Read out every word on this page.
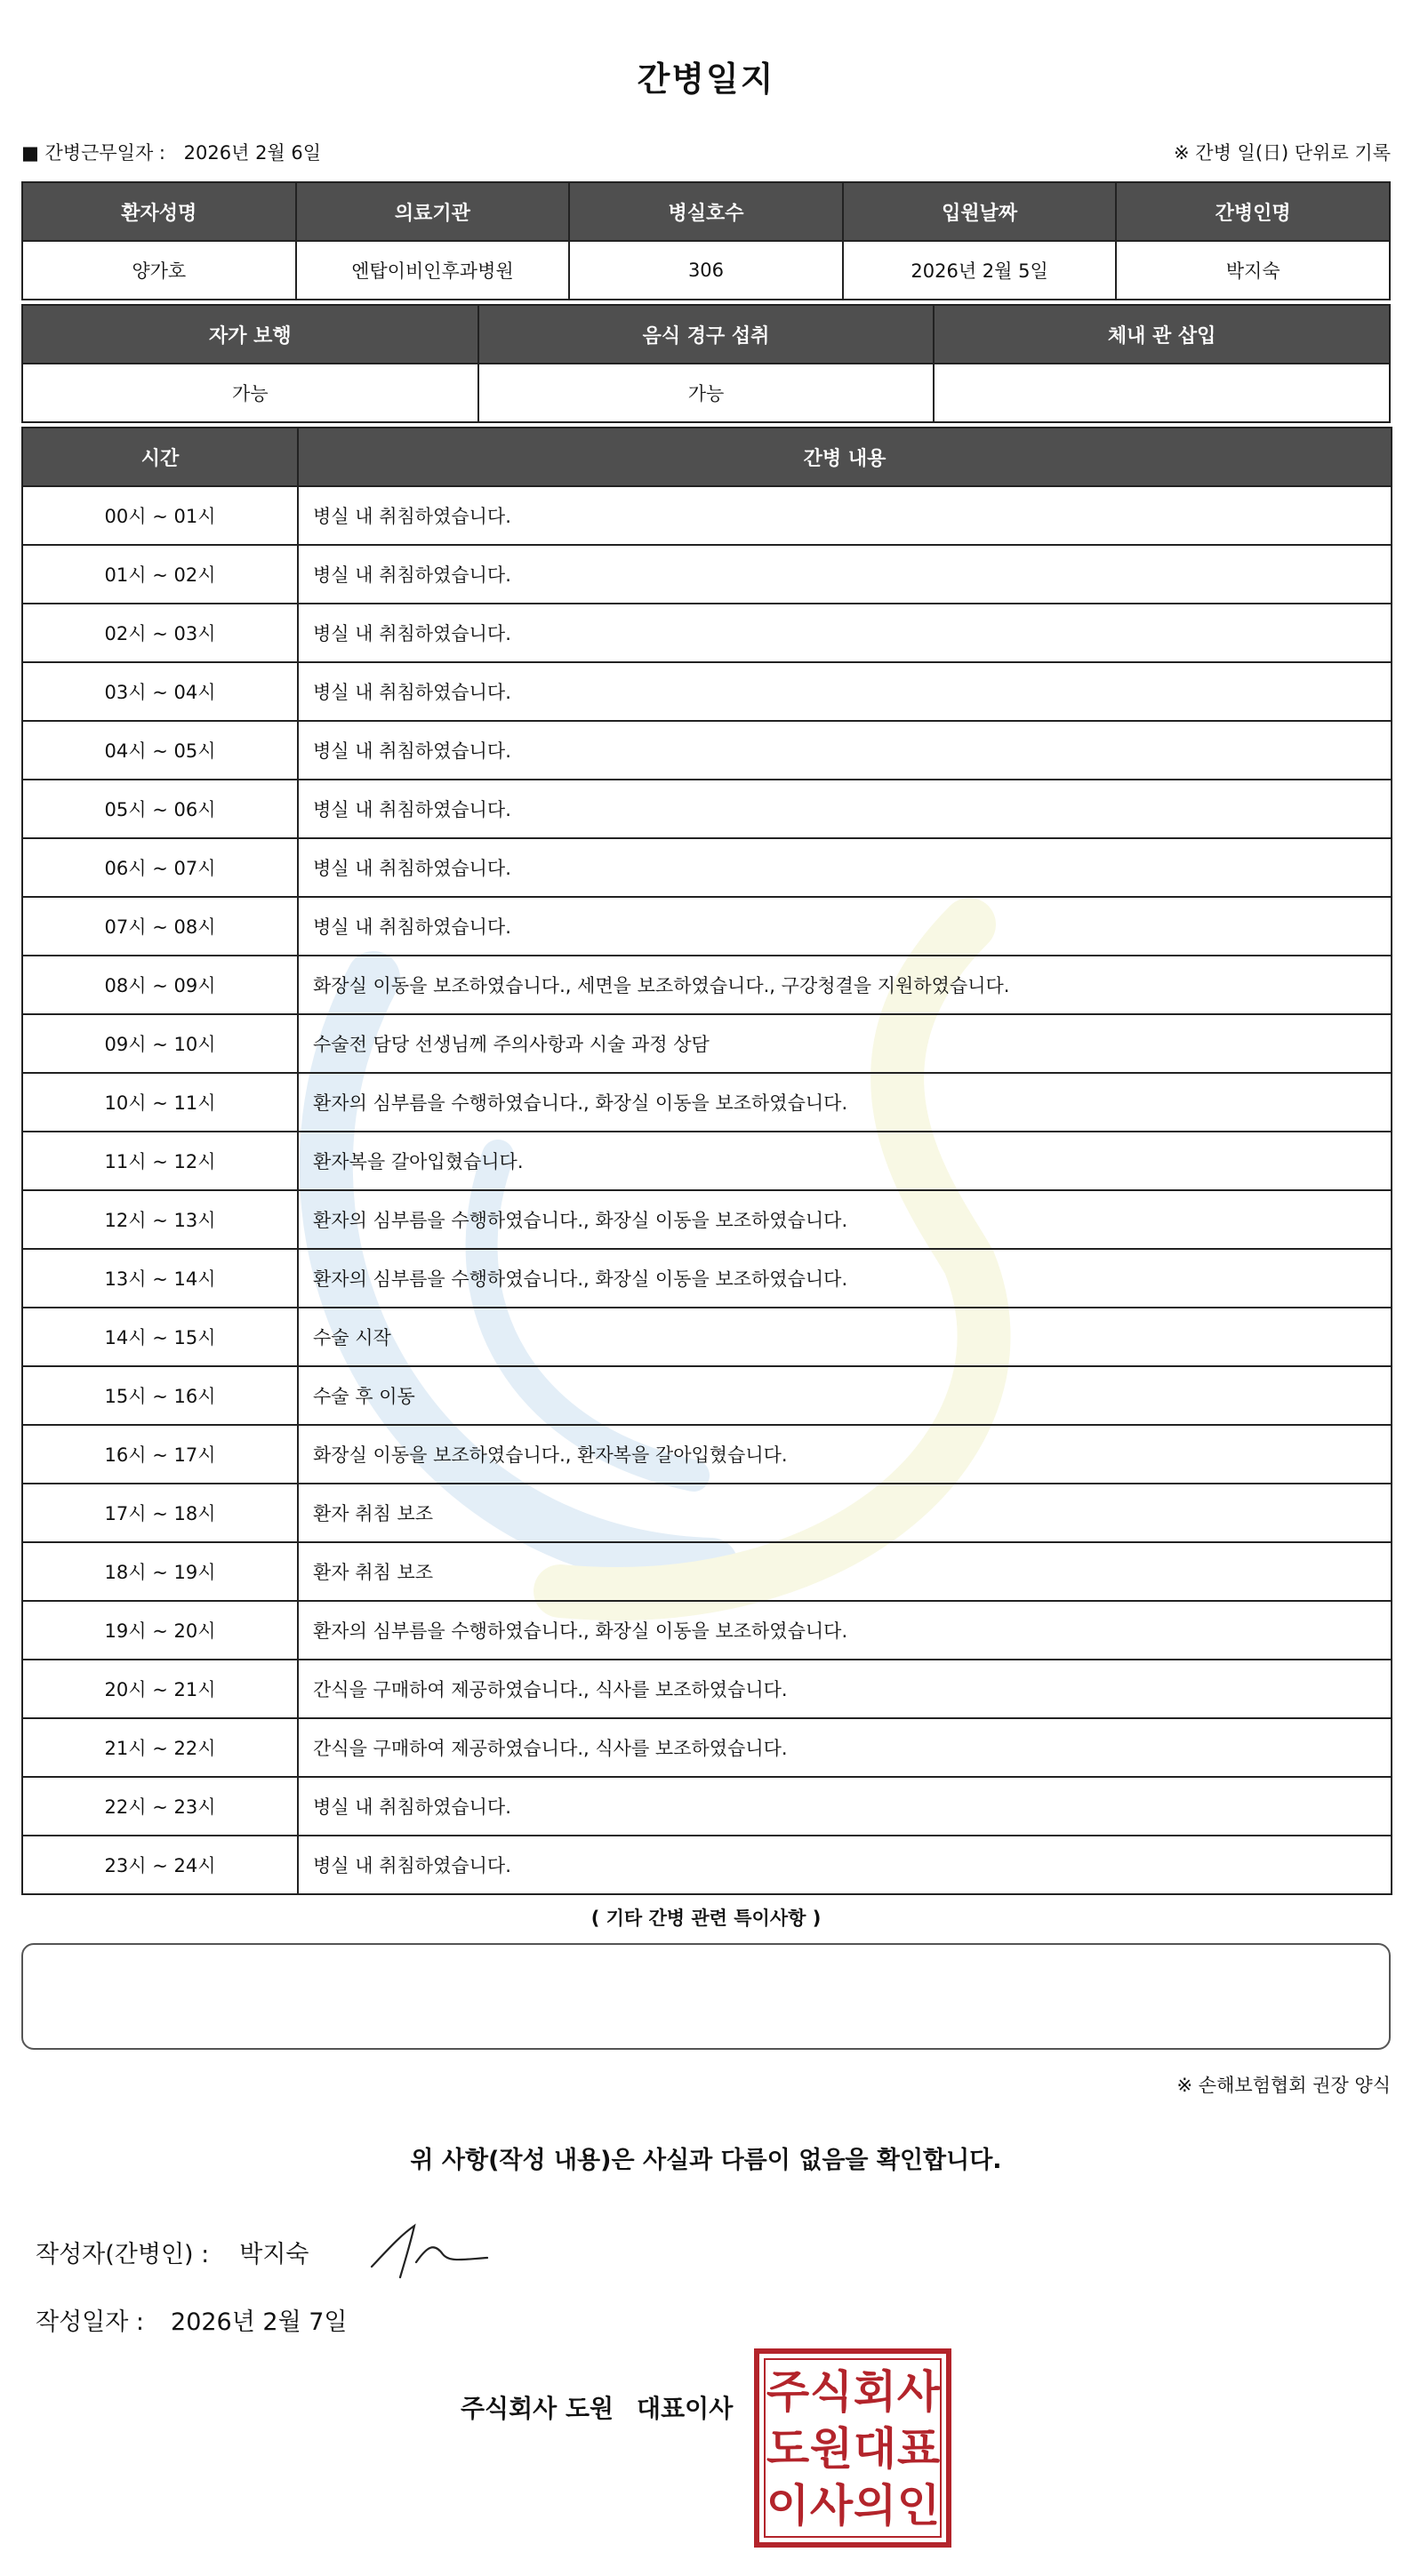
간병일지
■ 간병근무일자 : 2026년 2월 6일	※ 간병 일(日) 단위로 기록
환자성명	의료기관	병실호수	입원날짜	간병인명
양가호	엔탑이비인후과병원	306	2026년 2월 5일	박지숙
자가 보행	음식 경구 섭취	체내 관 삽입
가능	가능	
시간	간병 내용
00시 ~ 01시	병실 내 취침하였습니다.
01시 ~ 02시	병실 내 취침하였습니다.
02시 ~ 03시	병실 내 취침하였습니다.
03시 ~ 04시	병실 내 취침하였습니다.
04시 ~ 05시	병실 내 취침하였습니다.
05시 ~ 06시	병실 내 취침하였습니다.
06시 ~ 07시	병실 내 취침하였습니다.
07시 ~ 08시	병실 내 취침하였습니다.
08시 ~ 09시	화장실 이동을 보조하였습니다., 세면을 보조하였습니다., 구강청결을 지원하였습니다.
09시 ~ 10시	수술전 담당 선생님께 주의사항과 시술 과정 상담
10시 ~ 11시	환자의 심부름을 수행하였습니다., 화장실 이동을 보조하였습니다.
11시 ~ 12시	환자복을 갈아입혔습니다.
12시 ~ 13시	환자의 심부름을 수행하였습니다., 화장실 이동을 보조하였습니다.
13시 ~ 14시	환자의 심부름을 수행하였습니다., 화장실 이동을 보조하였습니다.
14시 ~ 15시	수술 시작
15시 ~ 16시	수술 후 이동
16시 ~ 17시	화장실 이동을 보조하였습니다., 환자복을 갈아입혔습니다.
17시 ~ 18시	환자 취침 보조
18시 ~ 19시	환자 취침 보조
19시 ~ 20시	환자의 심부름을 수행하였습니다., 화장실 이동을 보조하였습니다.
20시 ~ 21시	간식을 구매하여 제공하였습니다., 식사를 보조하였습니다.
21시 ~ 22시	간식을 구매하여 제공하였습니다., 식사를 보조하였습니다.
22시 ~ 23시	병실 내 취침하였습니다.
23시 ~ 24시	병실 내 취침하였습니다.
( 기타 간병 관련 특이사항 )
※ 손해보험협회 권장 양식
위 사항(작성 내용)은 사실과 다름이 없음을 확인합니다.
작성자(간병인) : 박지숙
작성일자 : 2026년 2월 7일
주식회사 도원 대표이사 주 식 회 사
도 원 대 표
이 사 의 인
